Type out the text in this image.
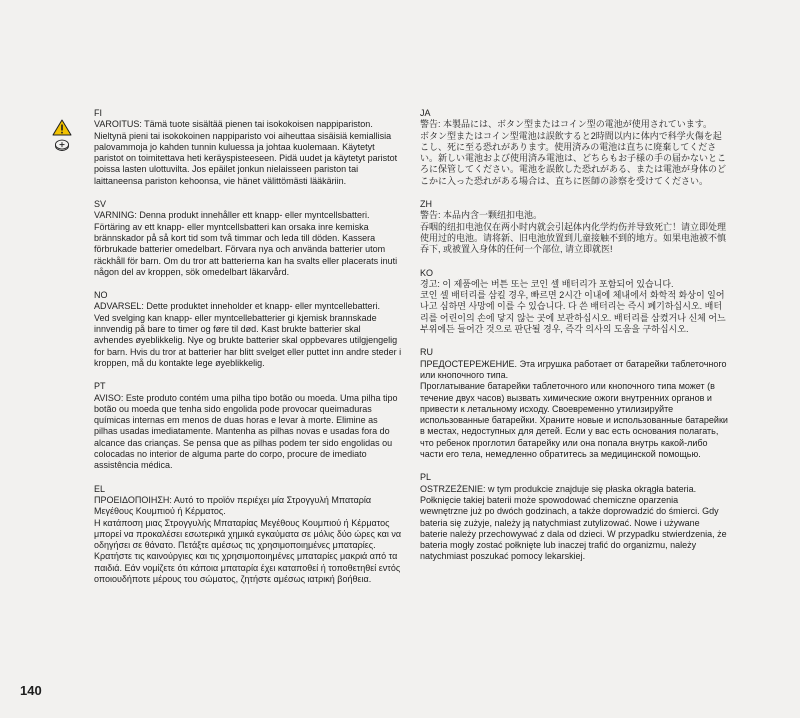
FI

VAROITUS: Tämä tuote sisältää pienen tai isokokoisen nappipariston. Nieltynä pieni tai isokokoinen nappiparisto voi aiheuttaa sisäisiä kemiallisia palovammoja jo kahden tunnin kuluessa ja johtaa kuolemaan. Käytetyt paristot on toimitettava heti keräyspisteeseen. Pidä uudet ja käytetyt paristot poissa lasten ulottuvilta. Jos epäilet jonkun nielaisseen pariston tai laittaneensa pariston kehoonsa, vie hänet välittömästi lääkäriin.

SV

VARNING: Denna produkt innehåller ett knapp- eller myntcellsbatteri. Förtäring av ett knapp- eller myntcellsbatteri kan orsaka inre kemiska brännskador på så kort tid som två timmar och leda till döden. Kassera förbrukade batterier omedelbart. Förvara nya och använda batterier utom räckhåll för barn. Om du tror att batterierna kan ha svalts eller placerats inuti någon del av kroppen, sök omedelbart läkarvård.

NO

ADVARSEL: Dette produktet inneholder et knapp- eller myntcellebatteri.

Ved svelging kan knapp- eller myntcellebatterier gi kjemisk brannskade innvendig på bare to timer og føre til død. Kast brukte batterier skal avhendes øyeblikkelig. Nye og brukte batterier skal oppbevares utilgjengelig for barn. Hvis du tror at batterier har blitt svelget eller puttet inn andre steder i kroppen, må du kontakte lege øyeblikkelig.

PT

AVISO: Este produto contém uma pilha tipo botão ou moeda. Uma pilha tipo botão ou moeda que tenha sido engolida pode provocar queimaduras químicas internas em menos de duas horas e levar à morte. Elimine as pilhas usadas imediatamente. Mantenha as pilhas novas e usadas fora do alcance das crianças. Se pensa que as pilhas podem ter sido engolidas ou colocadas no interior de alguma parte do corpo, procure de imediato assistência médica.

EL

ΠΡΟΕΙΔΟΠΟΙΗΣΗ: Αυτό το προϊόν περιέχει μία Στρογγυλή Μπαταρία Μεγέθους Κουμπιού ή Κέρματος.

Η κατάποση μιας Στρογγυλής Μπαταρίας Μεγέθους Κουμπιού ή Κέρματος μπορεί να προκαλέσει εσωτερικά χημικά εγκαύματα σε μόλις δύο ώρες και να οδηγήσει σε θάνατο. Πετάξτε αμέσως τις χρησιμοποιημένες μπαταρίες. Κρατήστε τις καινούργιες και τις χρησιμοποιημένες μπαταρίες μακριά από τα παιδιά. Εάν νομίζετε ότι κάποια μπαταρία έχει καταποθεί ή τοποθετηθεί εντός οποιουδήποτε μέρους του σώματος, ζητήστε αμέσως ιατρική βοήθεια.

JA

警告: 本製品には、ボタン型またはコイン型の電池が使用されています。

ボタン型またはコイン型電池は誤飲すると2時間以内に体内で科学火傷を起こし、死に至る恐れがあります。使用済みの電池は直ちに廃棄してください。新しい電池および使用済み電池は、どちらもお子様の手の届かないところに保管してください。電池を誤飲した恐れがある、または電池が身体のどこかに入った恐れがある場合は、直ちに医師の診察を受けてください。

ZH

警告: 本品内含一颗纽扣电池。

吞咽的纽扣电池仅在两小时内就会引起体内化学灼伤并导致死亡！请立即处理使用过的电池。请将新、旧电池放置到儿童接触不到的地方。如果电池被不慎吞下, 或被置入身体的任何一个部位, 请立即就医!

KO

경고: 이 제품에는 버튼 또는 코인 셀 배터리가 포함되어 있습니다.

코인 셀 배터리를 삼킬 경우, 빠르면 2시간 이내에 체내에서 화학적 화상이 일어나고 심하면 사망에 이를 수 있습니다. 다 쓴 배터리는 즉시 폐기하십시오. 배터리를 어린이의 손에 닿지 않는 곳에 보관하십시오. 배터리를 삼켰거나 신체 어느 부위에든 들어간 것으로 판단될 경우, 즉각 의사의 도움을 구하십시오.

RU

ПРЕДОСТЕРЕЖЕНИЕ. Эта игрушка работает от батарейки таблеточного или кнопочного типа.

Проглатывание батарейки таблеточного или кнопочного типа может (в течение двух часов) вызвать химические ожоги внутренних органов и привести к летальному исходу. Своевременно утилизируйте использованные батарейки. Храните новые и использованные батарейки в местах, недоступных для детей. Если у вас есть основания полагать, что ребенок проглотил батарейку или она попала внутрь какой-либо части его тела, немедленно обратитесь за медицинской помощью.

PL

OSTRZEŻENIE: w tym produkcie znajduje się płaska okrągła bateria.

Połknięcie takiej baterii może spowodować chemiczne oparzenia wewnętrzne już po dwóch godzinach, a także doprowadzić do śmierci. Gdy bateria się zużyje, należy ją natychmiast zutylizować. Nowe i używane baterie należy przechowywać z dala od dzieci. W przypadku stwierdzenia, że bateria mogły zostać połknięte lub inaczej trafić do organizmu, należy natychmiast poszukać pomocy lekarskiej.

140
